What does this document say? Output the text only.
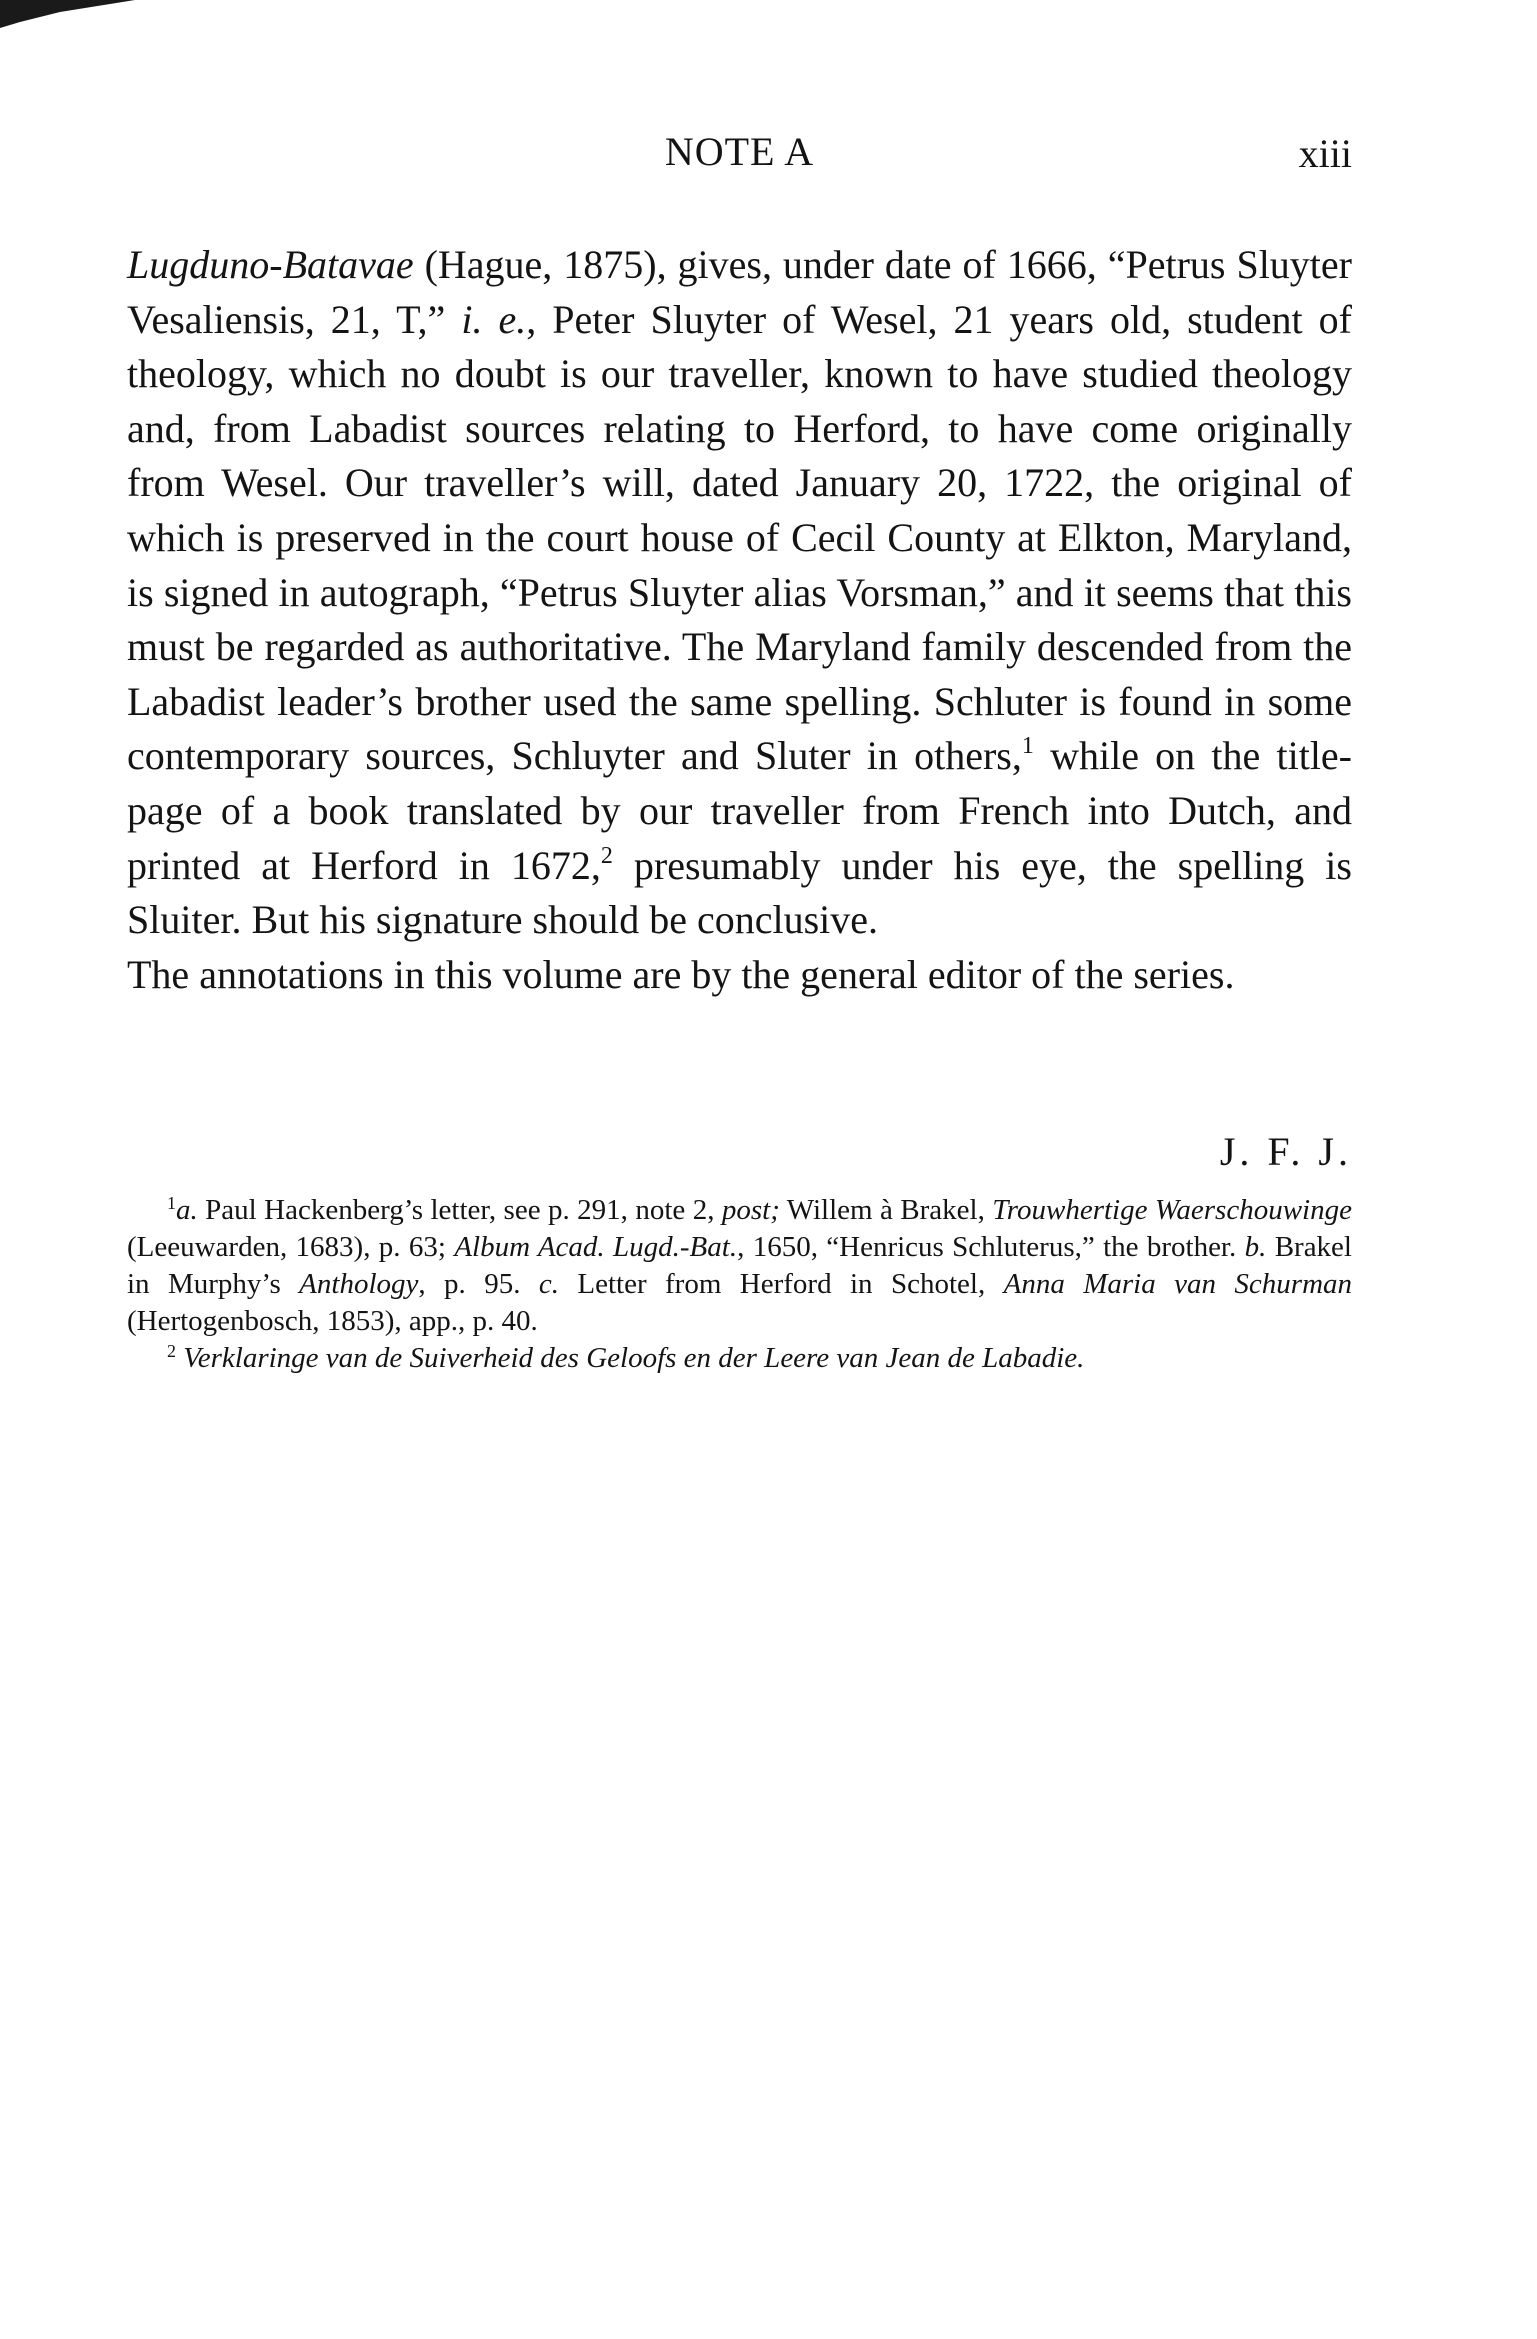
NOTE A	xiii

Lugduno-Batavae (Hague, 1875), gives, under date of 1666, “Petrus Sluyter Vesaliensis, 21, T,” i. e., Peter Sluyter of Wesel, 21 years old, student of theology, which no doubt is our traveller, known to have studied theology and, from Labadist sources relating to Herford, to have come originally from Wesel. Our traveller’s will, dated January 20, 1722, the original of which is preserved in the court house of Cecil County at Elkton, Maryland, is signed in autograph, “Petrus Sluyter alias Vorsman,” and it seems that this must be regarded as authoritative. The Maryland family descended from the Labadist leader’s brother used the same spelling. Schluter is found in some contemporary sources, Schluyter and Sluter in others,$^1$ while on the title-page of a book translated by our traveller from French into Dutch, and printed at Herford in 1672,$^2$ presumably under his eye, the spelling is Sluiter. But his signature should be conclusive.

The annotations in this volume are by the general editor of the series.

J. F. J.

$^1$a. Paul Hackenberg’s letter, see p. 291, note 2, post; Willem à Brakel, Trouwhertige Waerschouwinge (Leeuwarden, 1683), p. 63; Album Acad. Lugd.-Bat., 1650, “Henricus Schluterus,” the brother. b. Brakel in Murphy’s Anthology, p. 95. c. Letter from Herford in Schotel, Anna Maria van Schurman (Hertogenbosch, 1853), app., p. 40.

$^2$ Verklaringe van de Suiverheid des Geloofs en der Leere van Jean de Labadie.
